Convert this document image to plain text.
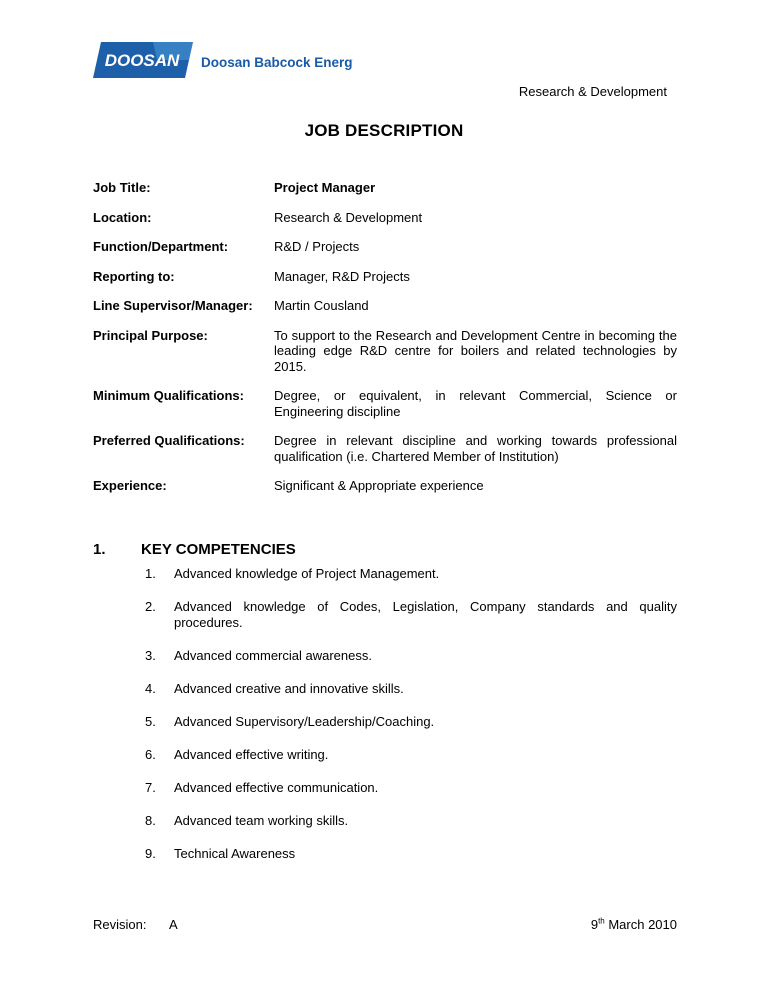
DOOSAN Doosan Babcock Energy
Research & Development
JOB DESCRIPTION
Job Title:	Project Manager
Location:	Research & Development
Function/Department:	R&D / Projects
Reporting to:	Manager, R&D Projects
Line Supervisor/Manager:	Martin Cousland
Principal Purpose:	To support to the Research and Development Centre in becoming the leading edge R&D centre for boilers and related technologies by 2015.
Minimum Qualifications:	Degree, or equivalent, in relevant Commercial, Science or Engineering discipline
Preferred Qualifications:	Degree in relevant discipline and working towards professional qualification (i.e. Chartered Member of Institution)
Experience:	Significant & Appropriate experience
1. KEY COMPETENCIES
1.	Advanced knowledge of Project Management.
2.	Advanced knowledge of Codes, Legislation, Company standards and quality procedures.
3.	Advanced commercial awareness.
4.	Advanced creative and innovative skills.
5.	Advanced Supervisory/Leadership/Coaching.
6.	Advanced effective writing.
7.	Advanced effective communication.
8.	Advanced team working skills.
9.	Technical Awareness
Revision: A	9th March 2010
